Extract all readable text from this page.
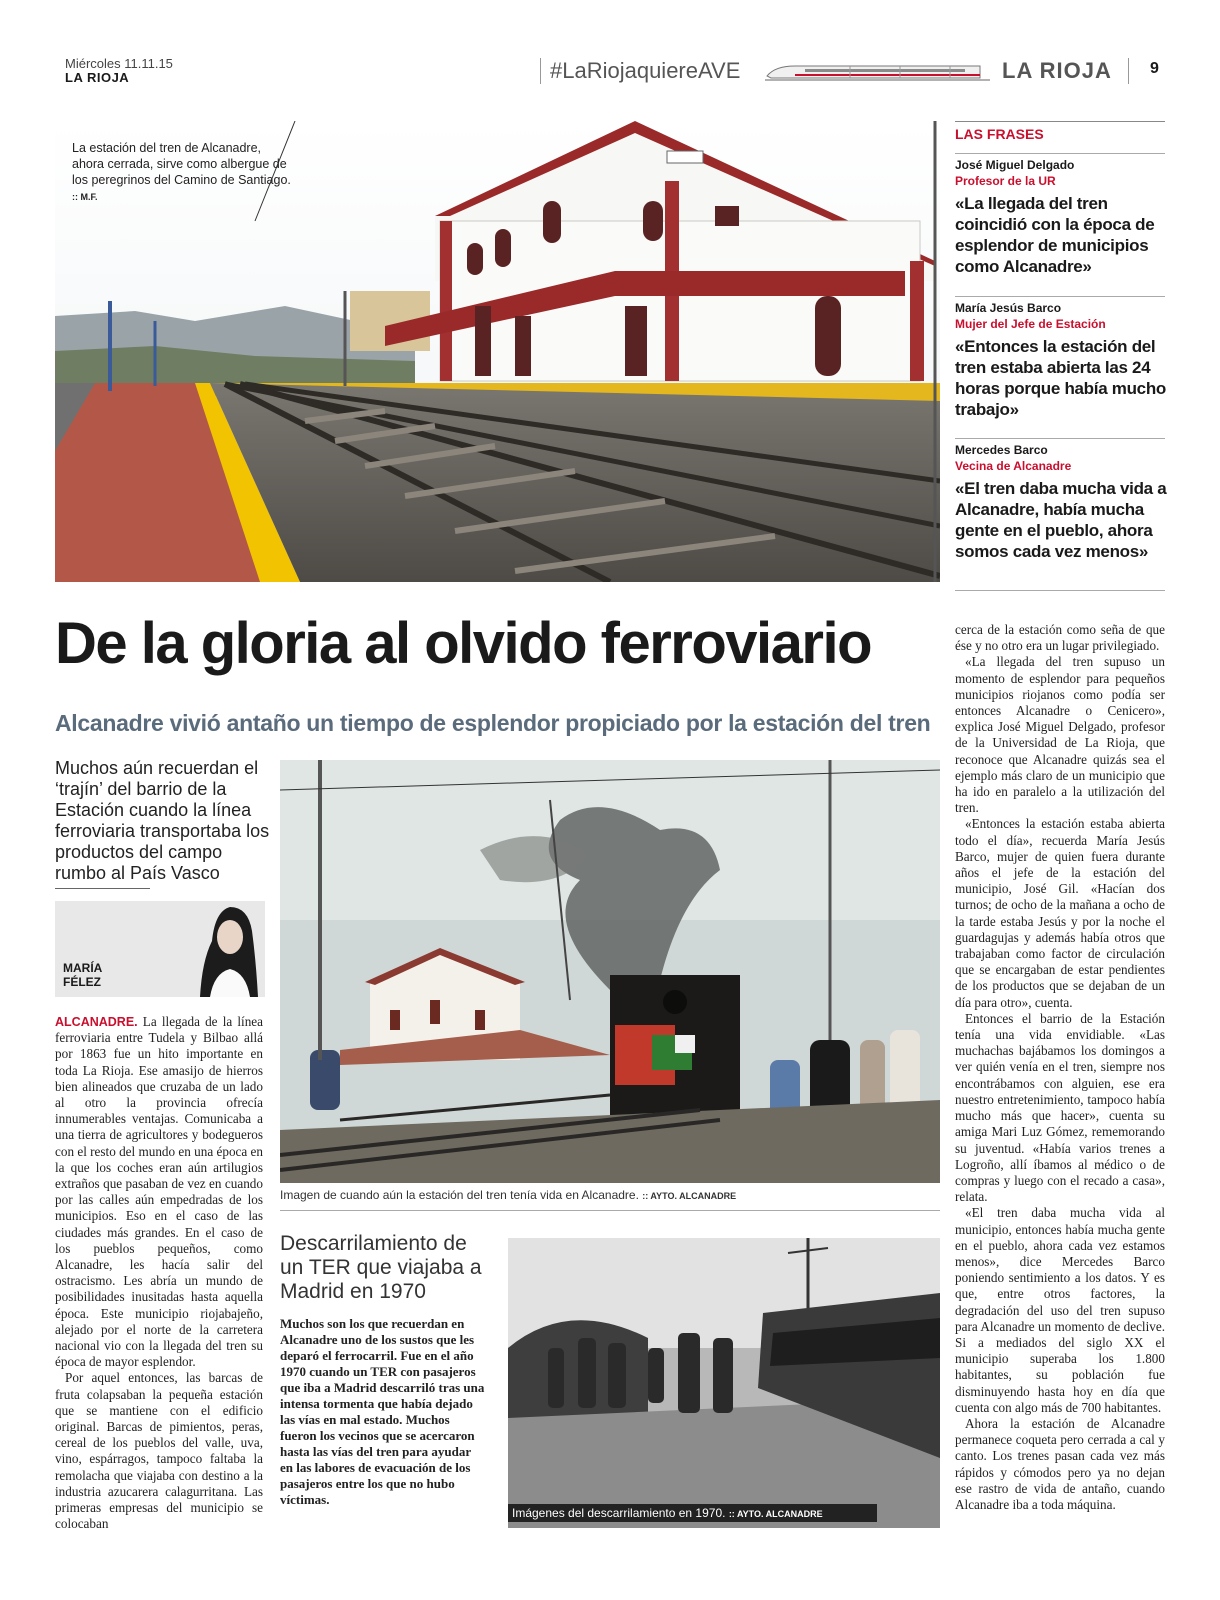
Miércoles 11.11.15
LA RIOJA	#LaRiojaquiereAVE	LA RIOJA 9
La estación del tren de Alcanadre, ahora cerrada, sirve como albergue de los peregrinos del Camino de Santiago. :: M.F.
LAS FRASES
José Miguel Delgado
Profesor de la UR
«La llegada del tren coincidió con la época de esplendor de municipios como Alcanadre»
María Jesús Barco
Mujer del Jefe de Estación
«Entonces la estación del tren estaba abierta las 24 horas porque había mucho trabajo»
Mercedes Barco
Vecina de Alcanadre
«El tren daba mucha vida a Alcanadre, había mucha gente en el pueblo, ahora somos cada vez menos»
De la gloria al olvido ferroviario
Alcanadre vivió antaño un tiempo de esplendor propiciado por la estación del tren
Muchos aún recuerdan el ‘trajín’ del barrio de la Estación cuando la línea ferroviaria transportaba los productos del campo rumbo al País Vasco
MARÍA FÉLEZ

ALCANADRE. La llegada de la línea ferroviaria entre Tudela y Bilbao allá por 1863 fue un hito importante en toda La Rioja. Ese amasijo de hierros bien alineados que cruzaba de un lado al otro la provincia ofrecía innumerables ventajas. Comunicaba a una tierra de agricultores y bodegueros con el resto del mundo en una época en la que los coches eran aún artilugios extraños que pasaban de vez en cuando por las calles aún empedradas de los municipios. Eso en el caso de las ciudades más grandes. En el caso de los pueblos pequeños, como Alcanadre, les hacía salir del ostracismo. Les abría un mundo de posibilidades inusitadas hasta aquella época. Este municipio riojabajeño, alejado por el norte de la carretera nacional vio con la llegada del tren su época de mayor esplendor.

Por aquel entonces, las barcas de fruta colapsaban la pequeña estación que se mantiene con el edificio original. Barcas de pimientos, peras, cereal de los pueblos del valle, uva, vino, espárragos, tampoco faltaba la remolacha que viajaba con destino a la industria azucarera calagurritana. Las primeras empresas del municipio se colocaban

Imagen de cuando aún la estación del tren tenía vida en Alcanadre. :: AYTO. ALCANADRE
Descarrilamiento de un TER que viajaba a Madrid en 1970
Muchos son los que recuerdan en Alcanadre uno de los sustos que les deparó el ferrocarril. Fue en el año 1970 cuando un TER con pasajeros que iba a Madrid descarriló tras una intensa tormenta que había dejado las vías en mal estado. Muchos fueron los vecinos que se acercaron hasta las vías del tren para ayudar en las labores de evacuación de los pasajeros entre los que no hubo víctimas.
Imágenes del descarrilamiento en 1970. :: AYTO. ALCANADRE

cerca de la estación como seña de que ése y no otro era un lugar privilegiado.

«La llegada del tren supuso un momento de esplendor para pequeños municipios riojanos como podía ser entonces Alcanadre o Cenicero», explica José Miguel Delgado, profesor de la Universidad de La Rioja, que reconoce que Alcanadre quizás sea el ejemplo más claro de un municipio que ha ido en paralelo a la utilización del tren.

«Entonces la estación estaba abierta todo el día», recuerda María Jesús Barco, mujer de quien fuera durante años el jefe de la estación del municipio, José Gil. «Hacían dos turnos; de ocho de la mañana a ocho de la tarde estaba Jesús y por la noche el guardagujas y además había otros que trabajaban como factor de circulación que se encargaban de estar pendientes de los productos que se dejaban de un día para otro», cuenta.

Entonces el barrio de la Estación tenía una vida envidiable. «Las muchachas bajábamos los domingos a ver quién venía en el tren, siempre nos encontrábamos con alguien, ese era nuestro entretenimiento, tampoco había mucho más que hacer», cuenta su amiga Mari Luz Gómez, rememorando su juventud. «Había varios trenes a Logroño, allí íbamos al médico o de compras y luego con el recado a casa», relata.

«El tren daba mucha vida al municipio, entonces había mucha gente en el pueblo, ahora cada vez estamos menos», dice Mercedes Barco poniendo sentimiento a los datos. Y es que, entre otros factores, la degradación del uso del tren supuso para Alcanadre un momento de declive. Si a mediados del siglo XX el municipio superaba los 1.800 habitantes, su población fue disminuyendo hasta hoy en día que cuenta con algo más de 700 habitantes.

Ahora la estación de Alcanadre permanece coqueta pero cerrada a cal y canto. Los trenes pasan cada vez más rápidos y cómodos pero ya no dejan ese rastro de vida de antaño, cuando Alcanadre iba a toda máquina.
